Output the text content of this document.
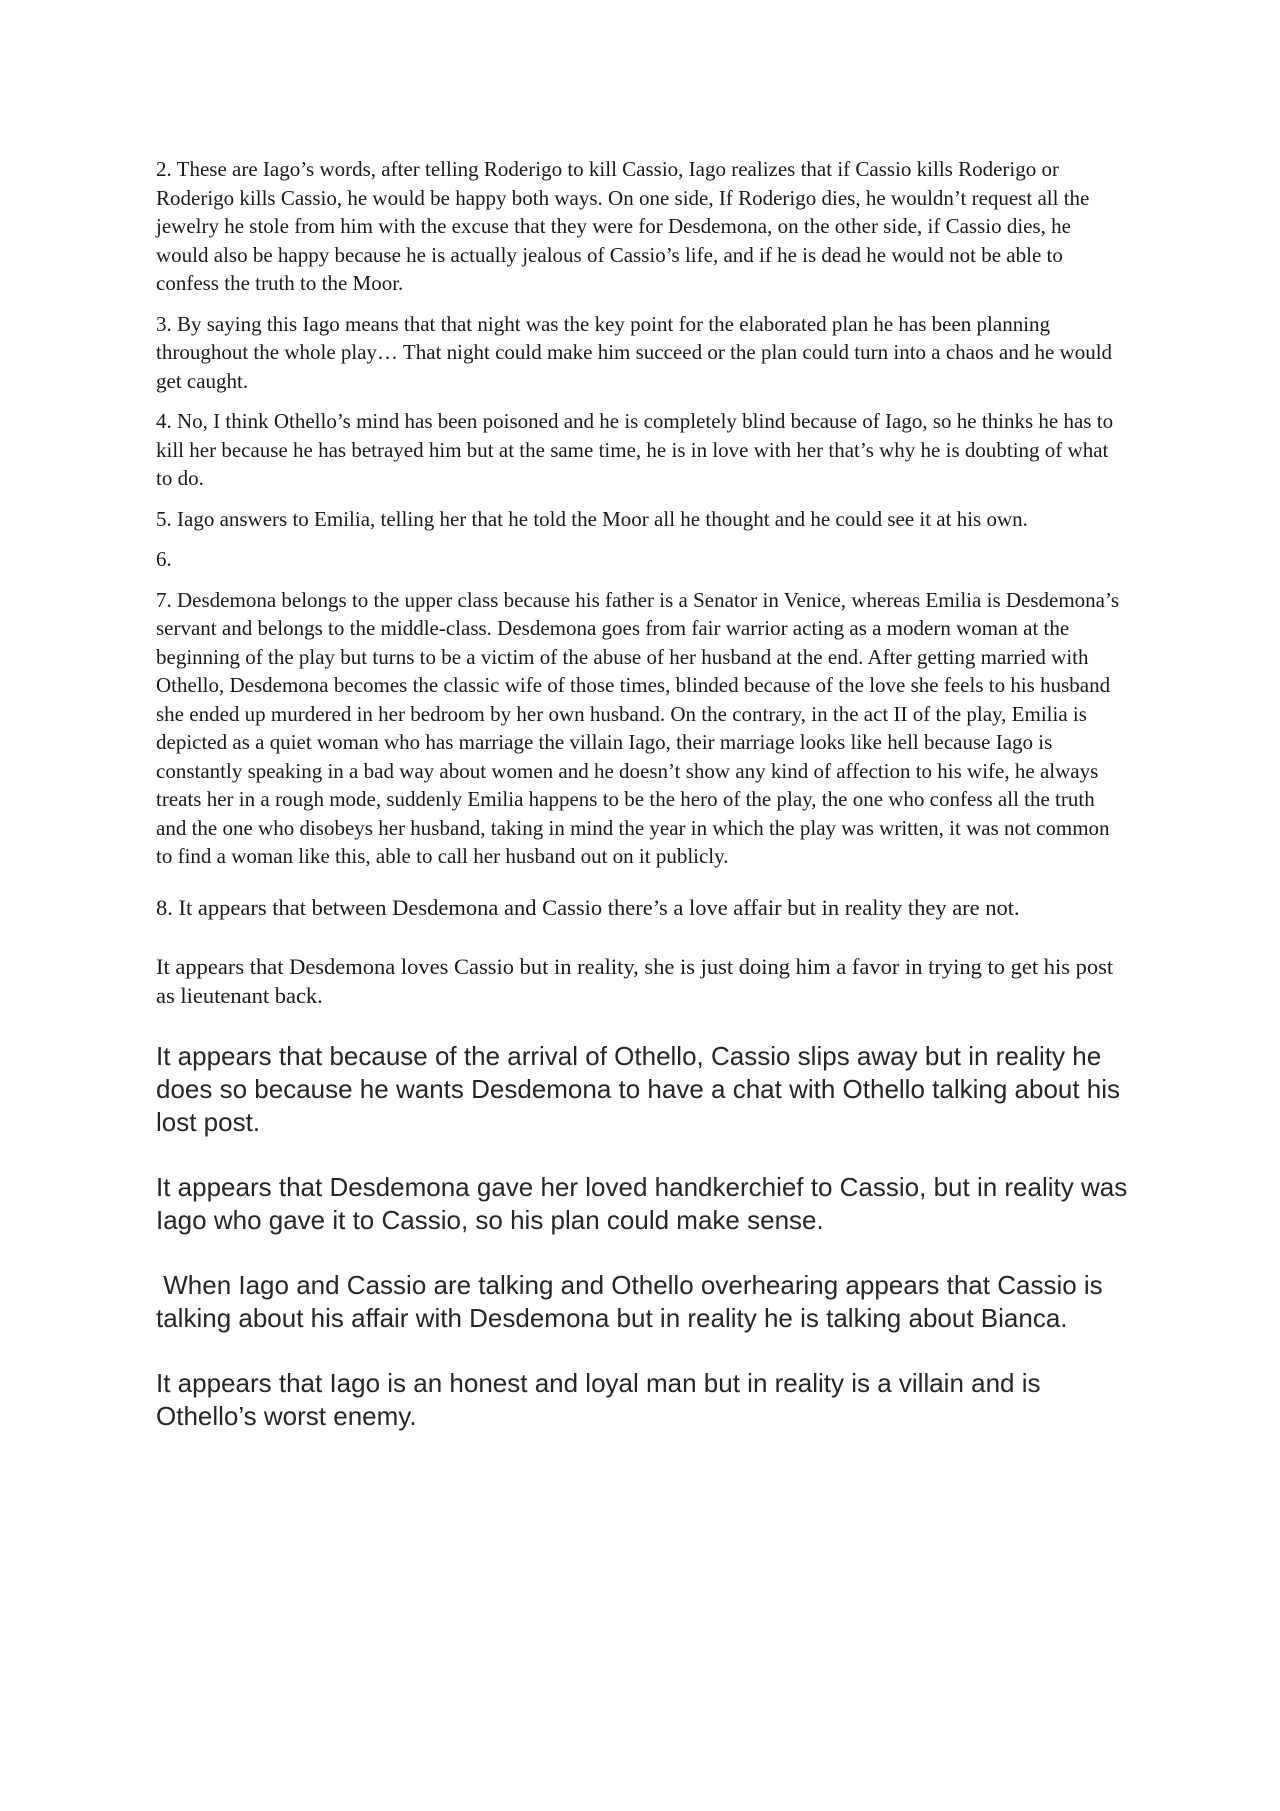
2. These are Iago’s words, after telling Roderigo to kill Cassio, Iago realizes that if Cassio kills Roderigo or Roderigo kills Cassio, he would be happy both ways. On one side, If Roderigo dies, he wouldn’t request all the jewelry he stole from him with the excuse that they were for Desdemona, on the other side, if Cassio dies, he would also be happy because he is actually jealous of Cassio’s life, and if he is dead he would not be able to confess the truth to the Moor.

3. By saying this Iago means that that night was the key point for the elaborated plan he has been planning throughout the whole play… That night could make him succeed or the plan could turn into a chaos and he would get caught.

4. No, I think Othello’s mind has been poisoned and he is completely blind because of Iago, so he thinks he has to kill her because he has betrayed him but at the same time, he is in love with her that’s why he is doubting of what to do.

5. Iago answers to Emilia, telling her that he told the Moor all he thought and he could see it at his own.

6.

7. Desdemona belongs to the upper class because his father is a Senator in Venice, whereas Emilia is Desdemona’s servant and belongs to the middle-class. Desdemona goes from fair warrior acting as a modern woman at the beginning of the play but turns to be a victim of the abuse of her husband at the end. After getting married with Othello, Desdemona becomes the classic wife of those times, blinded because of the love she feels to his husband she ended up murdered in her bedroom by her own husband. On the contrary, in the act II of the play, Emilia is depicted as a quiet woman who has marriage the villain Iago, their marriage looks like hell because Iago is constantly speaking in a bad way about women and he doesn’t show any kind of affection to his wife, he always treats her in a rough mode, suddenly Emilia happens to be the hero of the play, the one who confess all the truth and the one who disobeys her husband, taking in mind the year in which the play was written, it was not common to find a woman like this, able to call her husband out on it publicly.

8. It appears that between Desdemona and Cassio there’s a love affair but in reality they are not.

It appears that Desdemona loves Cassio but in reality, she is just doing him a favor in trying to get his post as lieutenant back.

It appears that because of the arrival of Othello, Cassio slips away but in reality he does so because he wants Desdemona to have a chat with Othello talking about his lost post.

It appears that Desdemona gave her loved handkerchief to Cassio, but in reality was Iago who gave it to Cassio, so his plan could make sense.

When Iago and Cassio are talking and Othello overhearing appears that Cassio is talking about his affair with Desdemona but in reality he is talking about Bianca.

It appears that Iago is an honest and loyal man but in reality is a villain and is Othello’s worst enemy.
